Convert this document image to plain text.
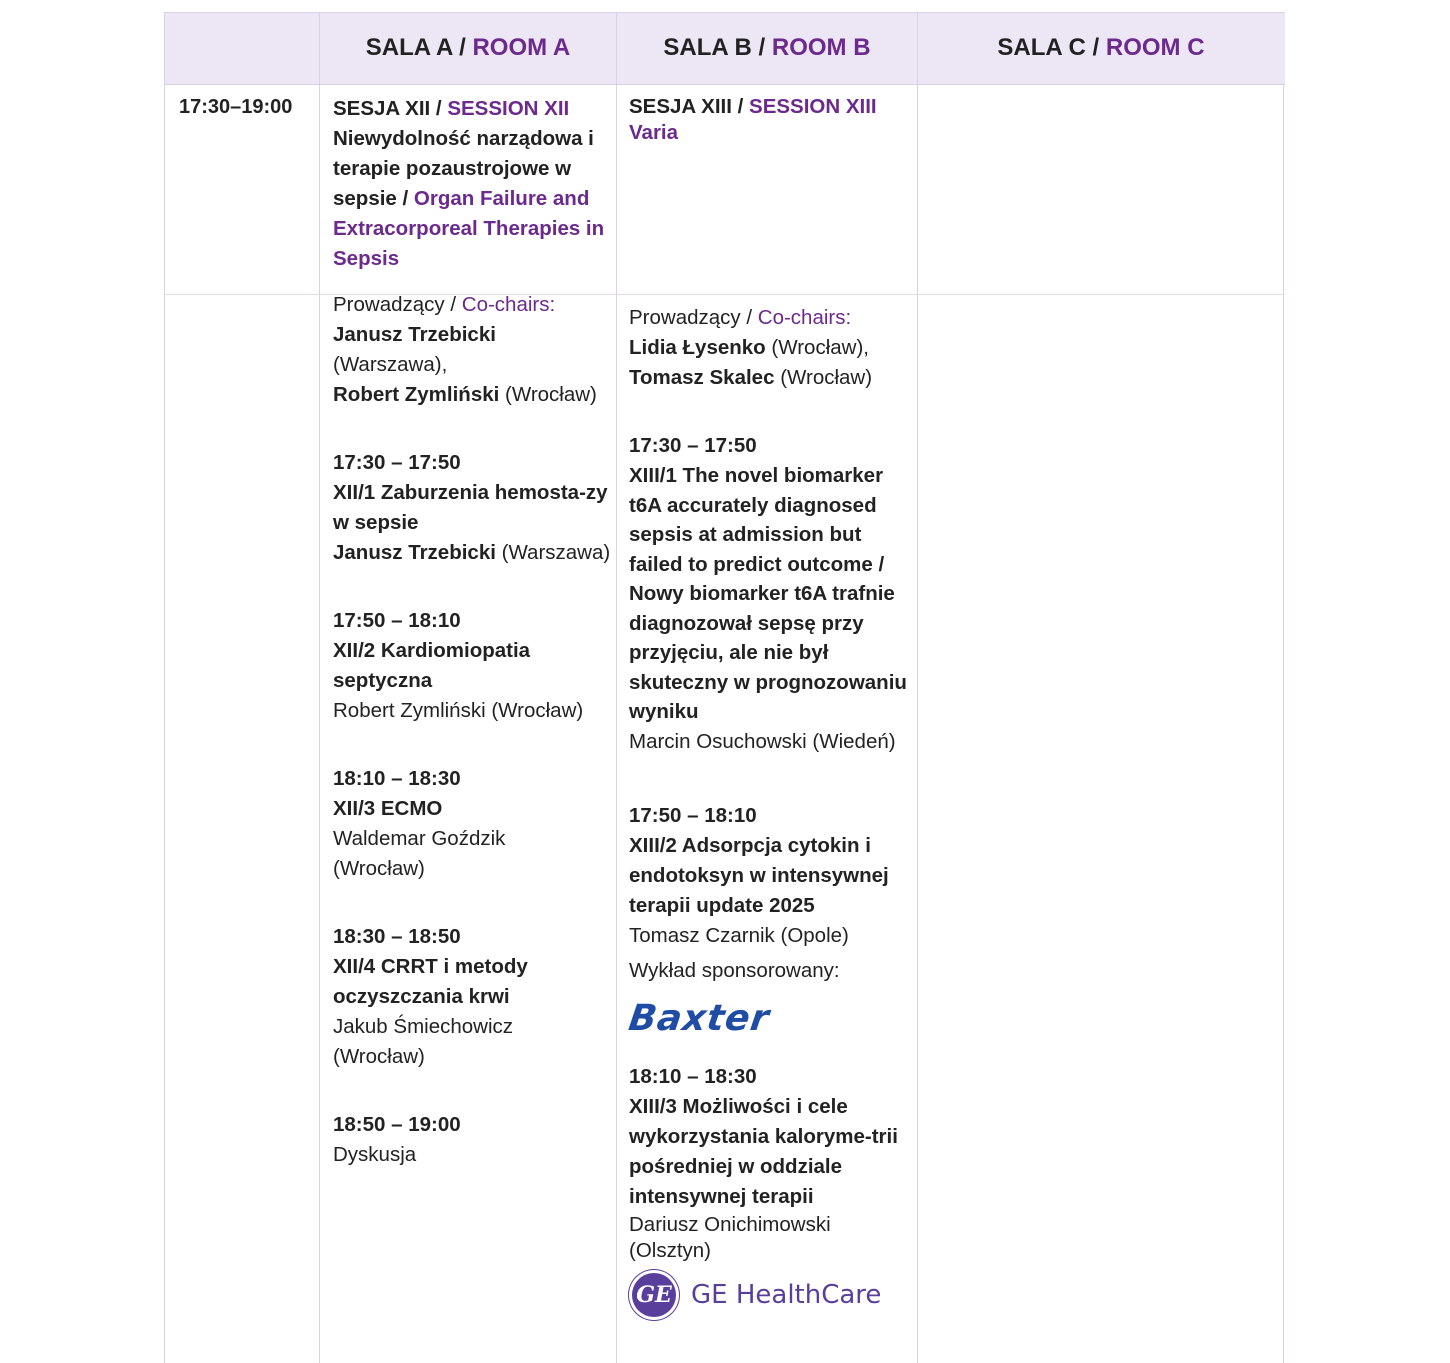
SALA A / ROOM A	SALA B / ROOM B	SALA C / ROOM C
17:30–19:00 SESJA XII / SESSION XII
Niewydolność narządowa i terapie pozaustrojowe w sepsie / Organ Failure and Extracorporeal Therapies in Sepsis
Prowadzący / Co-chairs:
Janusz Trzebicki (Warszawa),
Robert Zymliński (Wrocław)
17:30 – 17:50
XII/1 Zaburzenia hemosta-zy w sepsie
Janusz Trzebicki (Warszawa)
17:50 – 18:10
XII/2 Kardiomiopatia septyczna
Robert Zymliński (Wrocław)
18:10 – 18:30
XII/3 ECMO
Waldemar Goździk (Wrocław)
18:30 – 18:50
XII/4 CRRT i metody oczyszczania krwi
Jakub Śmiechowicz (Wrocław)
18:50 – 19:00
Dyskusja
SESJA XIII / SESSION XIII
Varia
Prowadzący / Co-chairs:
Lidia Łysenko (Wrocław),
Tomasz Skalec (Wrocław)
17:30 – 17:50
XIII/1 The novel biomarker t6A accurately diagnosed sepsis at admission but failed to predict outcome / Nowy biomarker t6A trafnie diagnozował sepsę przy przyjęciu, ale nie był skuteczny w prognozowaniu wyniku
Marcin Osuchowski (Wiedeń)
17:50 – 18:10
XIII/2 Adsorpcja cytokin i endotoksyn w intensywnej terapii update 2025
Tomasz Czarnik (Opole)
Wykład sponsorowany:
Baxter
18:10 – 18:30
XIII/3 Możliwości i cele wykorzystania kaloryme-trii pośredniej w oddziale intensywnej terapii
Dariusz Onichimowski (Olsztyn)
GE GE HealthCare
